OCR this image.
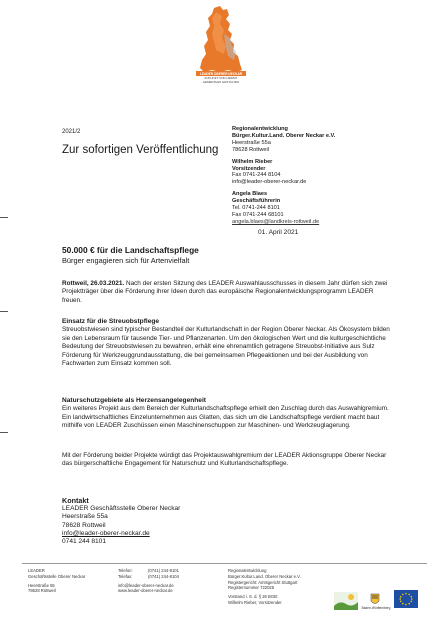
LEADER OBERER NECKAR
ZUKUNFT UND HEIMAT GEMEINSAM GESTALTEN
2021/2
Zur sofortigen Veröffentlichung
Regionalentwicklung
Bürger.Kultur.Land. Oberer Neckar e.V.
Heerstraße 55a
78628 Rottweil
Wilhelm Rieber
Vorsitzender
Fax 0741-244 8104
info@leader-oberer-neckar.de
Angela Blaes
Geschäftsführerin
Tel. 0741-244 8101
Fax 0741-244 68101
angela.blaes@landkreis-rottweil.de
01. April 2021
50.000 € für die Landschaftspflege
Bürger engagieren sich für Artenvielfalt

Rottweil, 26.03.2021. Nach der ersten Sitzung des LEADER Auswahlausschusses in diesem Jahr dürfen sich zwei Projektträger über die Förderung ihrer Ideen durch das europäische Regionalentwicklungsprogramm LEADER freuen.

Einsatz für die Streuobstpflege

Streuobstwiesen sind typischer Bestandteil der Kulturlandschaft in der Region Oberer Neckar. Als Ökosystem bilden sie den Lebensraum für tausende Tier- und Pflanzenarten. Um den ökologischen Wert und die kulturgeschichtliche Bedeutung der Streuobstwiesen zu bewahren, erhält eine ehrenamtlich getragene Streuobst-Initiative aus Sulz Förderung für Werkzeuggrundausstattung, die bei gemeinsamen Pflegeaktionen und bei der Ausbildung von Fachwarten zum Einsatz kommen soll.

Naturschutzgebiete als Herzensangelegenheit

Ein weiteres Projekt aus dem Bereich der Kulturlandschaftspflege erhielt den Zuschlag durch das Auswahlgremium. Ein landwirtschaftliches Einzelunternehmen aus Glatten, das sich um die Landschaftspflege verdient macht baut mithilfe von LEADER Zuschüssen einen Maschinenschuppen zur Maschinen- und Werkzeuglagerung.

Mit der Förderung beider Projekte würdigt das Projektauswahlgremium der LEADER Aktionsgruppe Oberer Neckar das bürgerschaftliche Engagement für Naturschutz und Kulturlandschaftspflege.

Kontakt
LEADER Geschäftsstelle Oberer Neckar
Heerstraße 55a
78628 Rottweil
info@leader-oberer-neckar.de
0741 244 8101
LEADER
Geschäftsstelle Oberer Neckar
Heerstraße 55
78628 Rottweil
Telefon:	(0741) 244-8101
Telefax:	(0741) 244-8104
info@leader-oberer-neckar.de
www.leader-oberer-neckar.de
Regionalentwicklung
Bürger.Kultur.Land. Oberer Neckar e.V.
Registergericht: Amtsgericht Stuttgart
Registernummer 722025
Vorstand i. S. d. § 26 BGB:
Wilhelm Rieber, Vorsitzender
Baden-Württemberg
